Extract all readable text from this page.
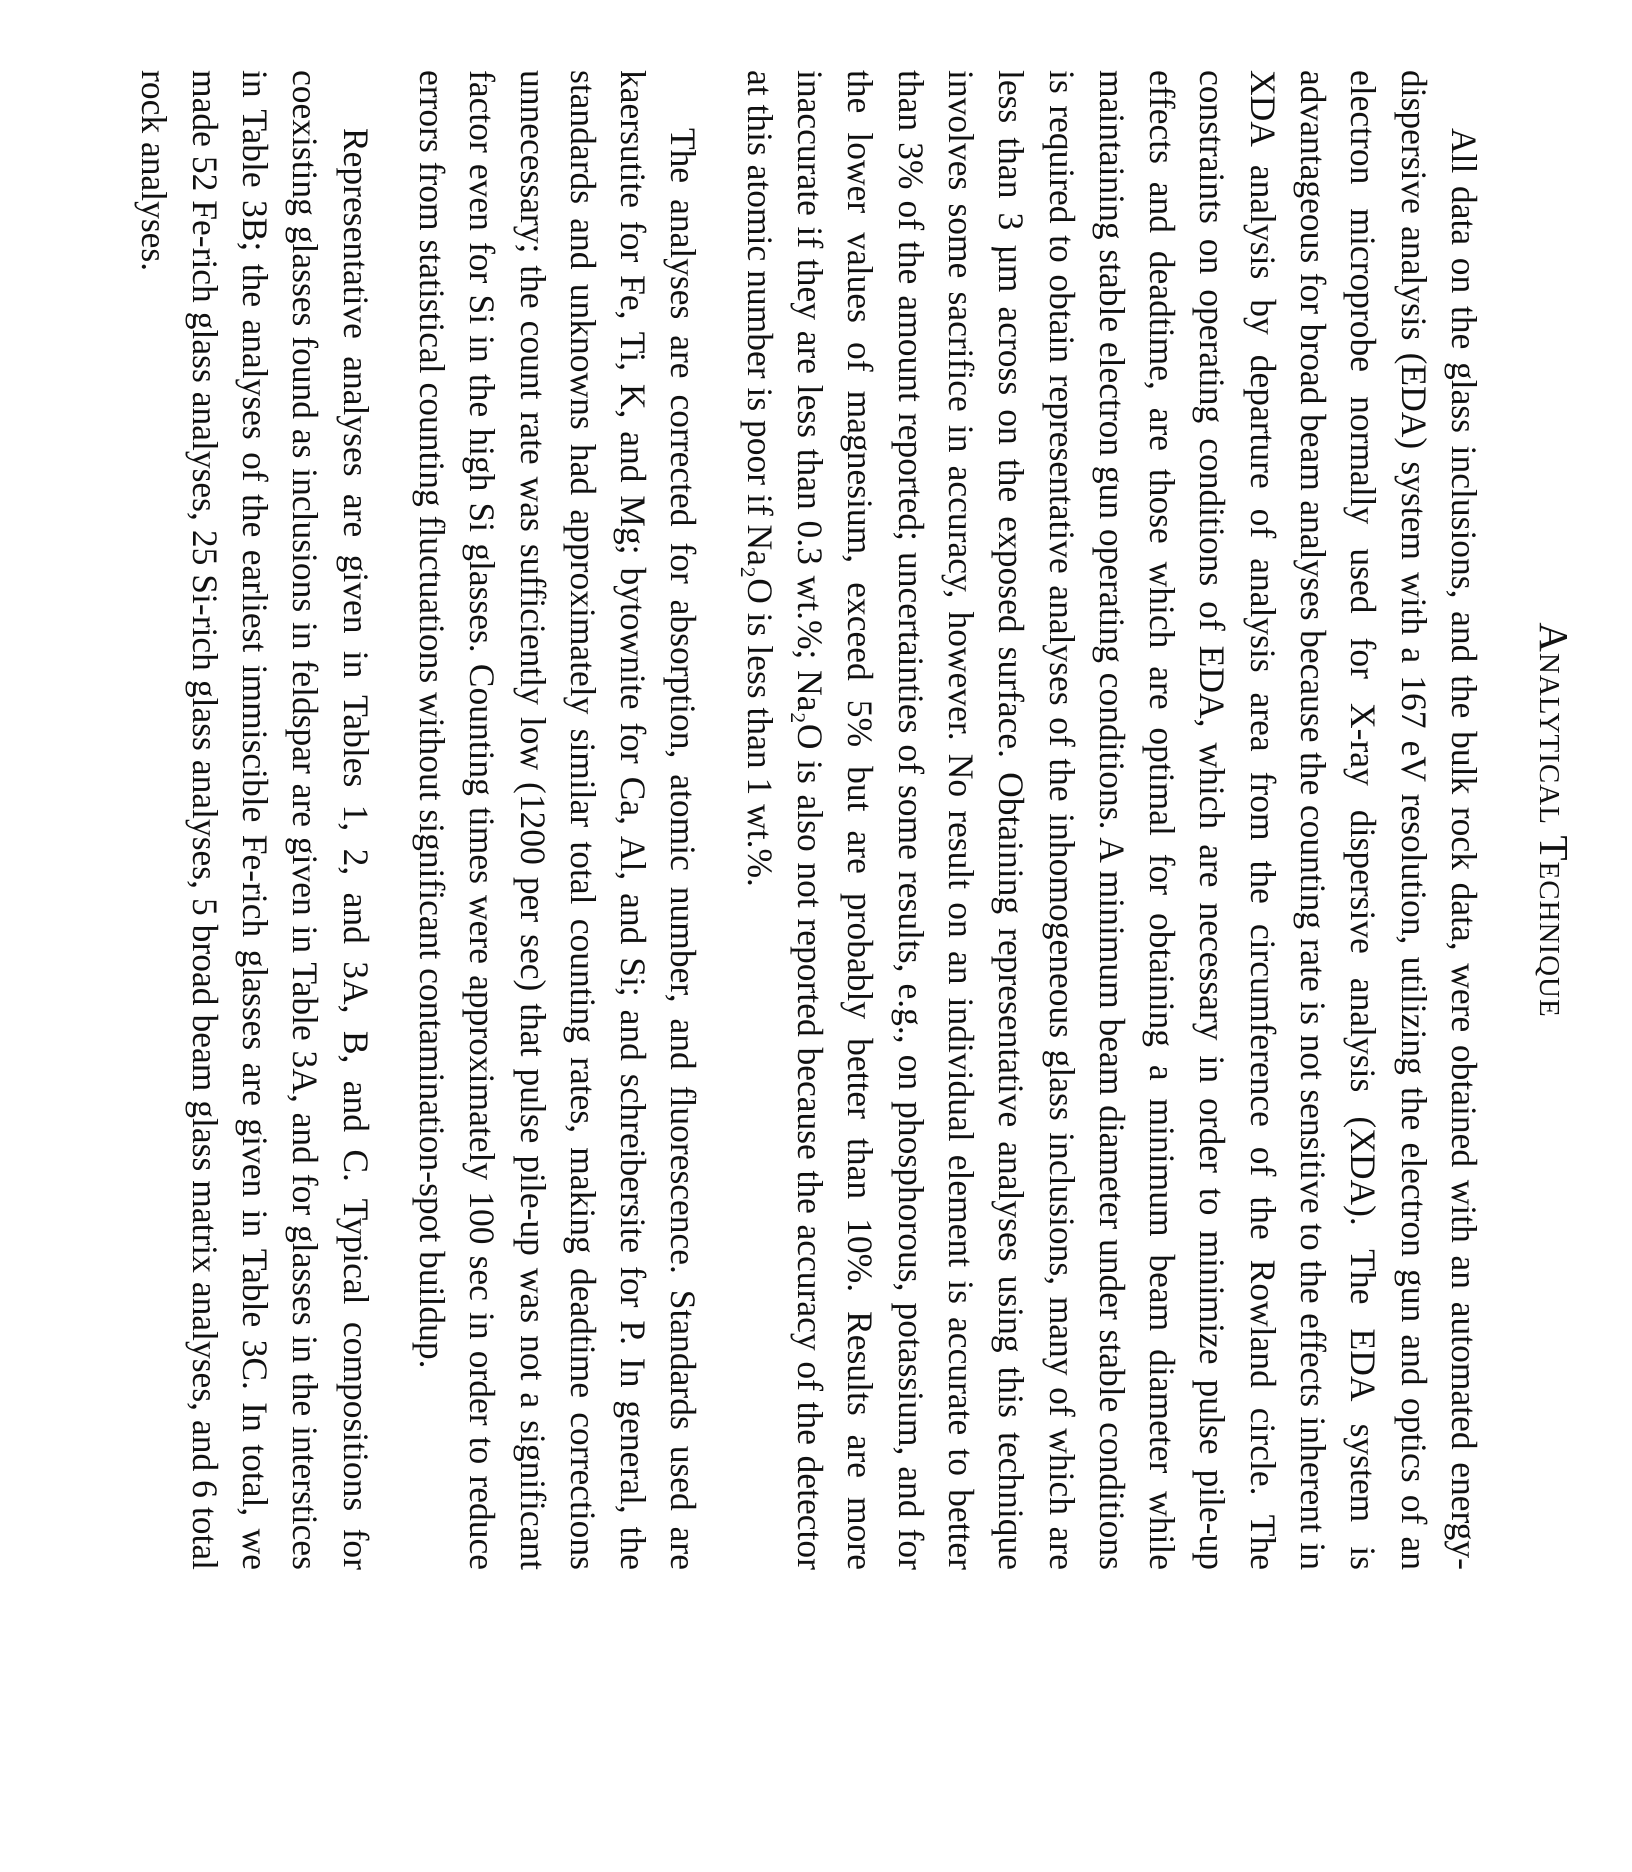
Analytical Technique

All data on the glass inclusions, and the bulk rock data, were obtained with an automated energy-dispersive analysis (EDA) system with a 167 eV resolution, utilizing the electron gun and optics of an electron microprobe normally used for X-ray dispersive analysis (XDA). The EDA system is advantageous for broad beam analyses because the counting rate is not sensitive to the effects inherent in XDA analysis by departure of analysis area from the circumference of the Rowland circle. The constraints on operating conditions of EDA, which are necessary in order to minimize pulse pile-up effects and deadtime, are those which are optimal for obtaining a minimum beam diameter while maintaining stable electron gun operating conditions. A minimum beam diameter under stable conditions is required to obtain representative analyses of the inhomogeneous glass inclusions, many of which are less than 3 µm across on the exposed surface. Obtaining representative analyses using this technique involves some sacrifice in accuracy, however. No result on an individual element is accurate to better than 3% of the amount reported; uncertainties of some results, e.g., on phosphorous, potassium, and for the lower values of magnesium, exceed 5% but are probably better than 10%. Results are more inaccurate if they are less than 0.3 wt.%; Na₂O is also not reported because the accuracy of the detector at this atomic number is poor if Na₂O is less than 1 wt.%.

The analyses are corrected for absorption, atomic number, and fluorescence. Standards used are kaersutite for Fe, Ti, K, and Mg; bytownite for Ca, Al, and Si; and schreibersite for P. In general, the standards and unknowns had approximately similar total counting rates, making deadtime corrections unnecessary; the count rate was sufficiently low (1200 per sec) that pulse pile-up was not a significant factor even for Si in the high Si glasses. Counting times were approximately 100 sec in order to reduce errors from statistical counting fluctuations without significant contamination-spot buildup.

Representative analyses are given in Tables 1, 2, and 3A, B, and C. Typical compositions for coexisting glasses found as inclusions in feldspar are given in Table 3A, and for glasses in the interstices in Table 3B; the analyses of the earliest immiscible Fe-rich glasses are given in Table 3C. In total, we made 52 Fe-rich glass analyses, 25 Si-rich glass analyses, 5 broad beam glass matrix analyses, and 6 total rock analyses.
